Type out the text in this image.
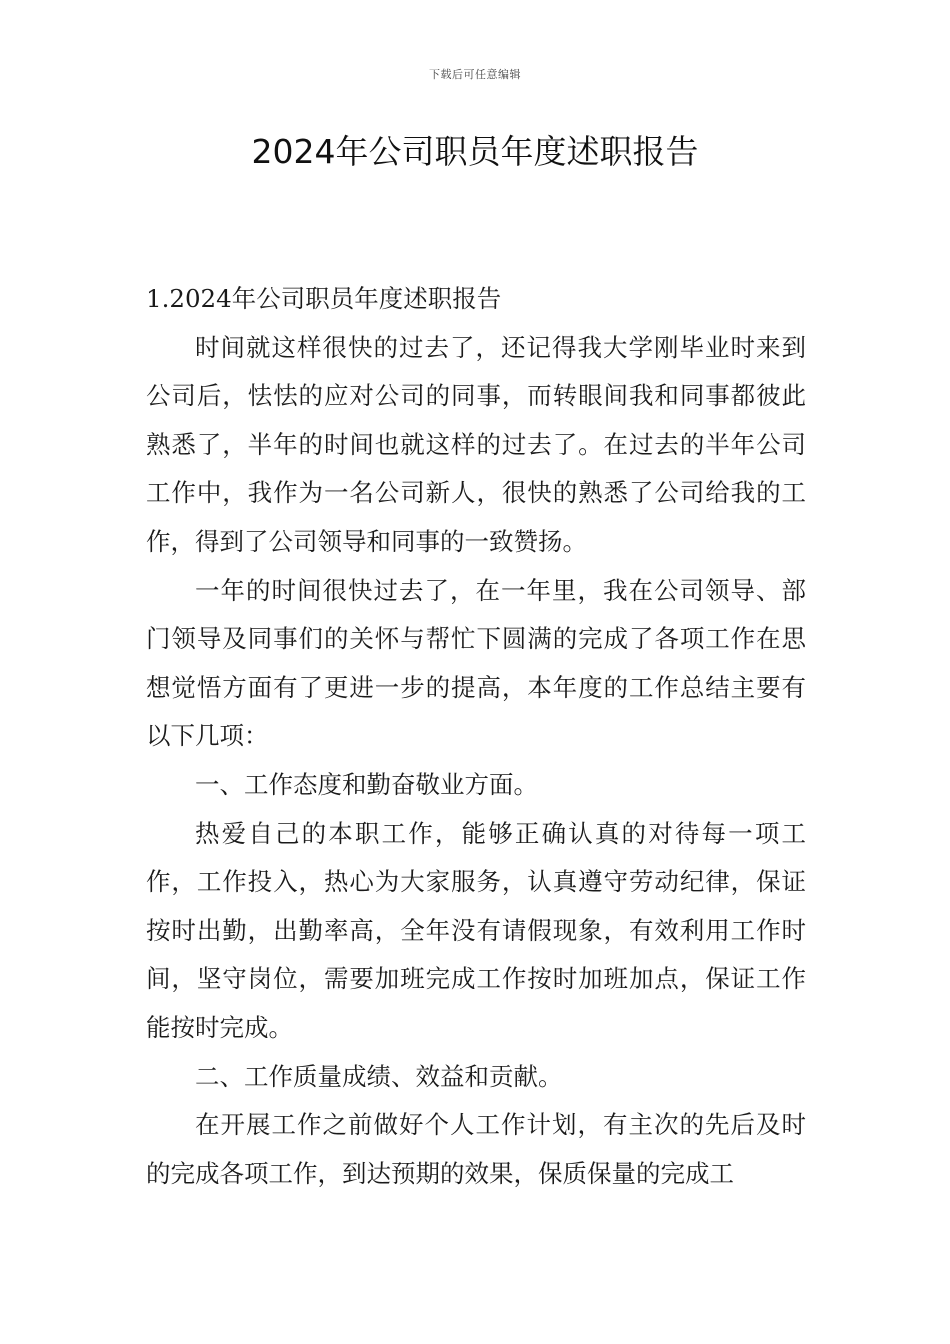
下载后可任意编辑
2024年公司职员年度述职报告

1.2024年公司职员年度述职报告

时间就这样很快的过去了，还记得我大学刚毕业时来到公司后，怯怯的应对公司的同事，而转眼间我和同事都彼此熟悉了，半年的时间也就这样的过去了。在过去的半年公司工作中，我作为一名公司新人，很快的熟悉了公司给我的工作，得到了公司领导和同事的一致赞扬。

一年的时间很快过去了，在一年里，我在公司领导、部门领导及同事们的关怀与帮忙下圆满的完成了各项工作在思想觉悟方面有了更进一步的提高，本年度的工作总结主要有以下几项：

一、工作态度和勤奋敬业方面。

热爱自己的本职工作，能够正确认真的对待每一项工作，工作投入，热心为大家服务，认真遵守劳动纪律，保证按时出勤，出勤率高，全年没有请假现象，有效利用工作时间，坚守岗位，需要加班完成工作按时加班加点，保证工作能按时完成。

二、工作质量成绩、效益和贡献。

在开展工作之前做好个人工作计划，有主次的先后及时的完成各项工作，到达预期的效果，保质保量的完成工
